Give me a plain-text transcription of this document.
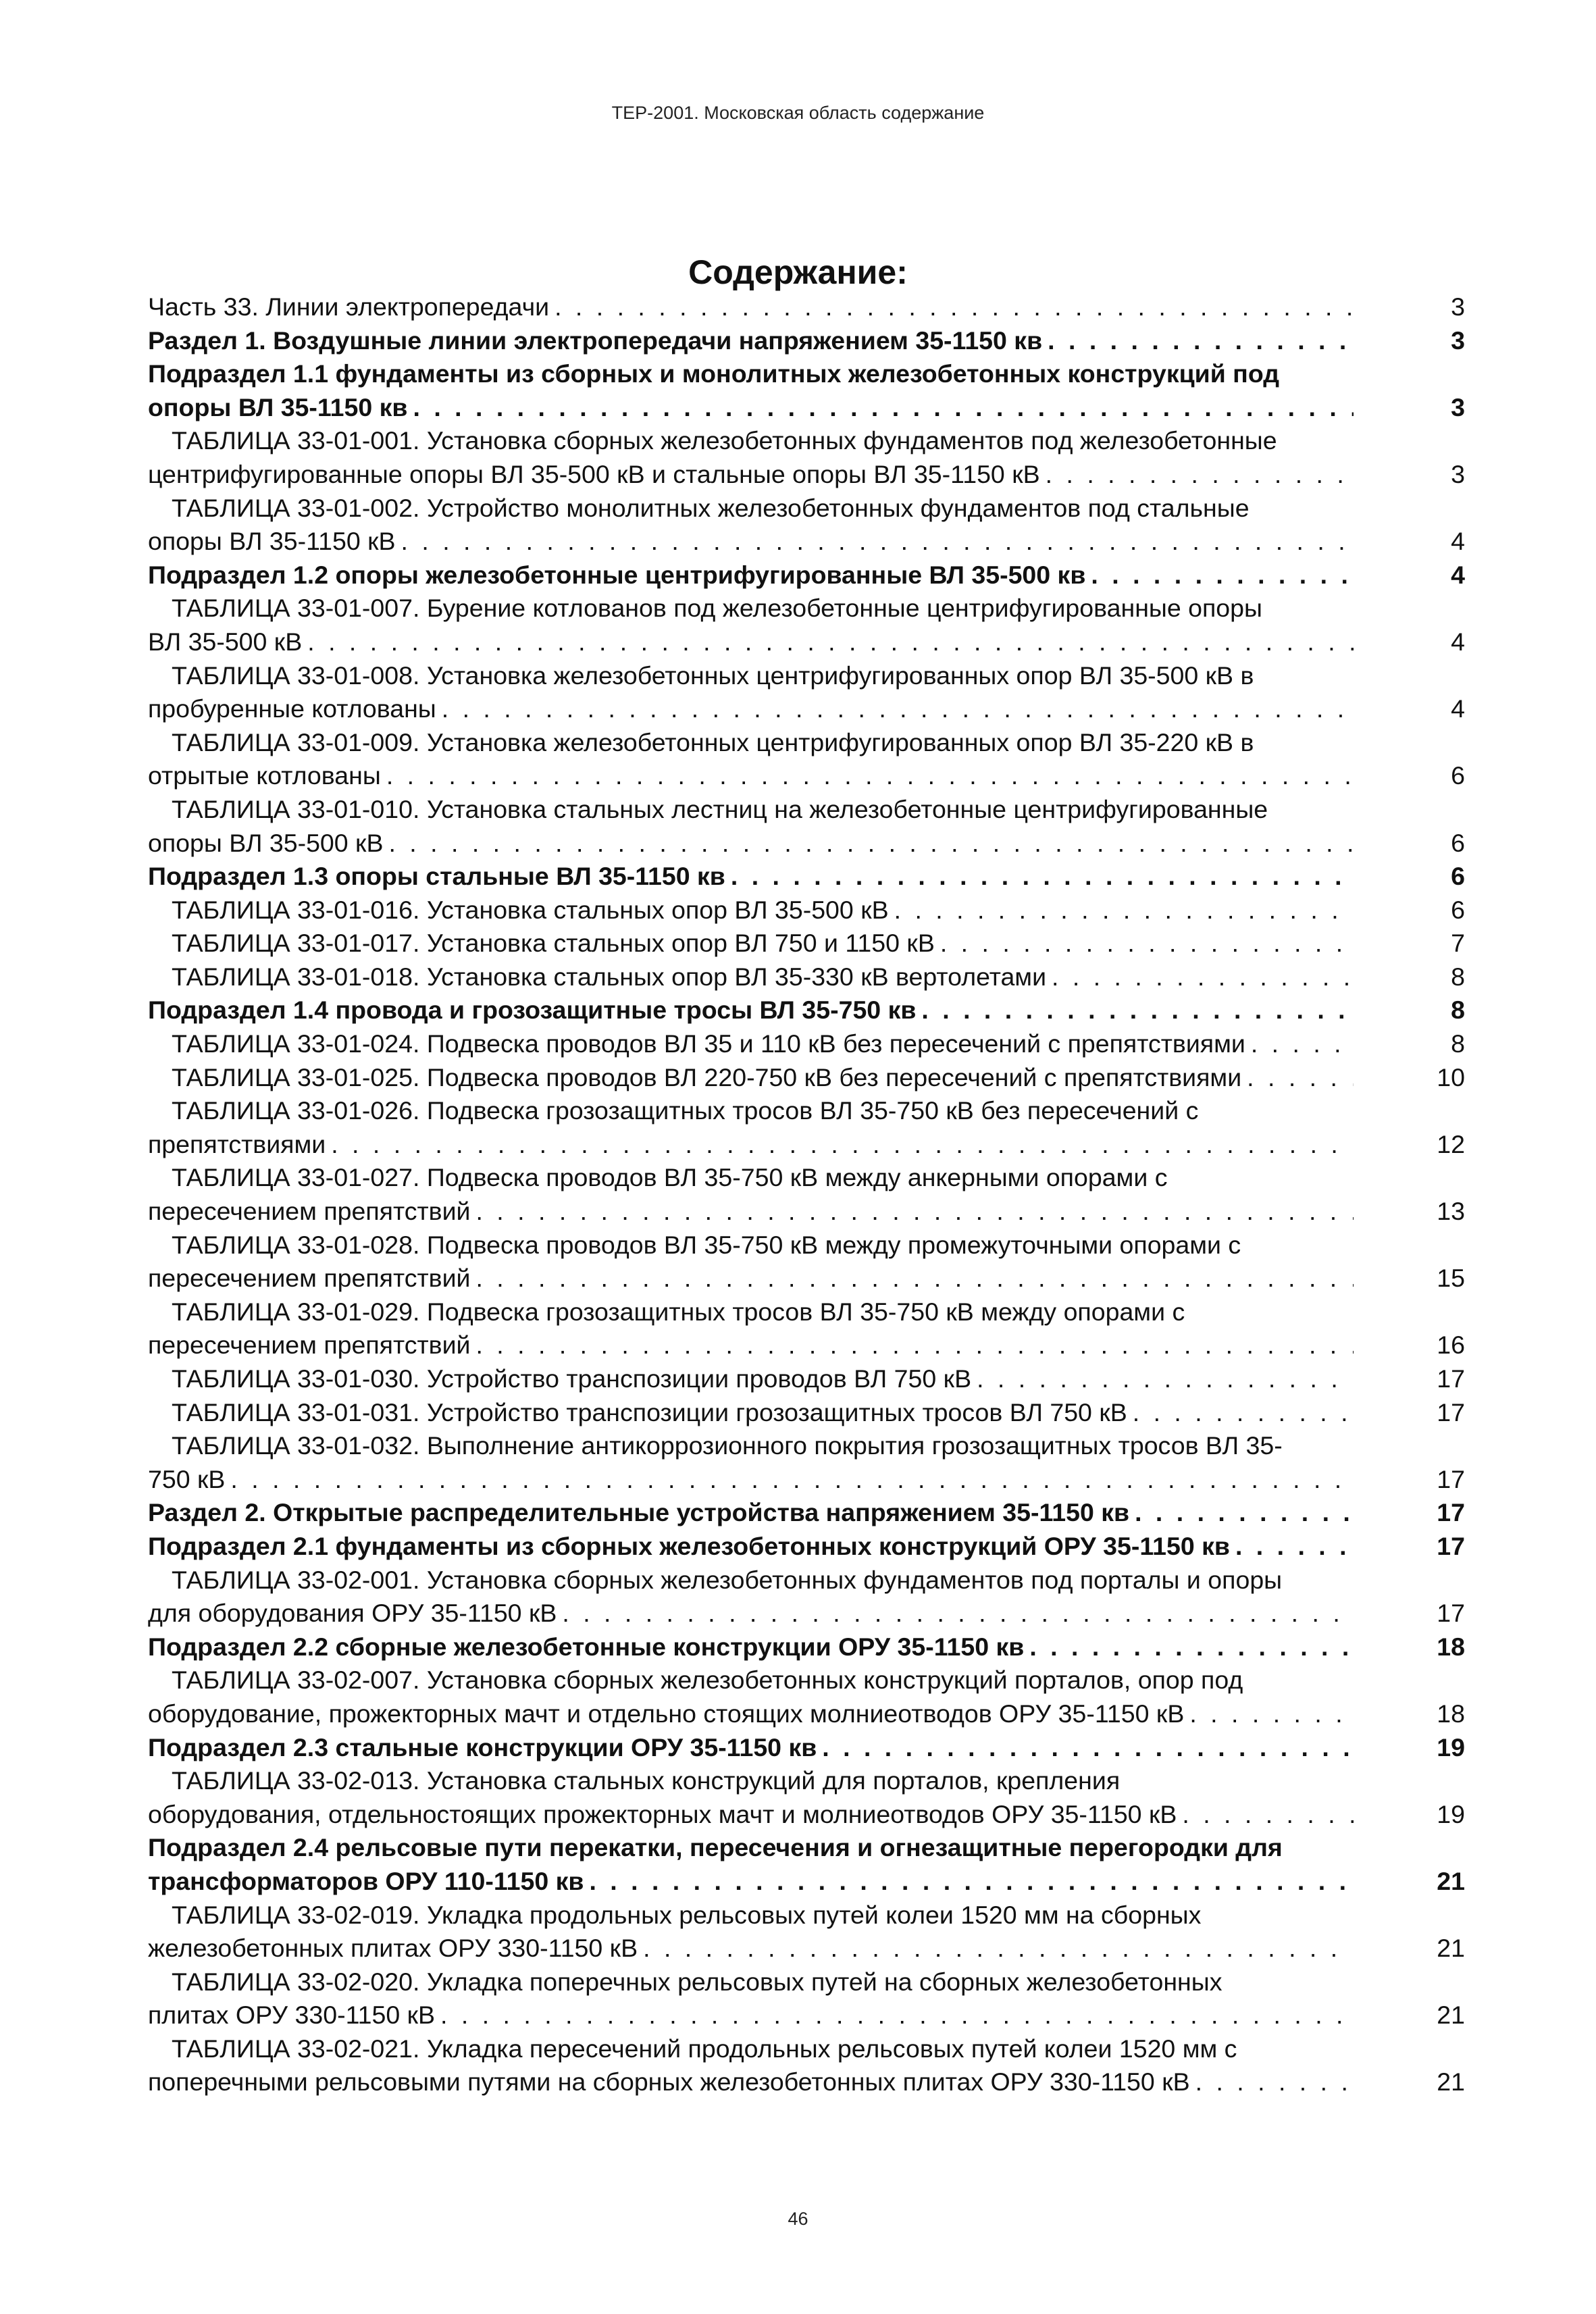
ТЕР-2001. Московская область содержание
Содержание:
Часть 33. Линии электропередачи . . .	3
Раздел 1. Воздушные линии электропередачи напряжением 35-1150 кв . . .	3
Подраздел 1.1 фундаменты из сборных и монолитных железобетонных конструкций под
опоры ВЛ 35-1150 кв . . .	3
ТАБЛИЦА 33-01-001. Установка сборных железобетонных фундаментов под железобетонные
центрифугированные опоры ВЛ 35-500 кВ и стальные опоры ВЛ 35-1150 кВ . . .	3
ТАБЛИЦА 33-01-002. Устройство монолитных железобетонных фундаментов под стальные
опоры ВЛ 35-1150 кВ . . .	4
Подраздел 1.2 опоры железобетонные центрифугированные ВЛ 35-500 кв . . .	4
ТАБЛИЦА 33-01-007. Бурение котлованов под железобетонные центрифугированные опоры
ВЛ 35-500 кВ . . .	4
ТАБЛИЦА 33-01-008. Установка железобетонных центрифугированных опор ВЛ 35-500 кВ в
пробуренные котлованы . . .	4
ТАБЛИЦА 33-01-009. Установка железобетонных центрифугированных опор ВЛ 35-220 кВ в
отрытые котлованы . . .	6
ТАБЛИЦА 33-01-010. Установка стальных лестниц на железобетонные центрифугированные
опоры ВЛ 35-500 кВ . . .	6
Подраздел 1.3 опоры стальные ВЛ 35-1150 кв . . .	6
ТАБЛИЦА 33-01-016. Установка стальных опор ВЛ 35-500 кВ . . .	6
ТАБЛИЦА 33-01-017. Установка стальных опор ВЛ 750 и 1150 кВ . . .	7
ТАБЛИЦА 33-01-018. Установка стальных опор ВЛ 35-330 кВ вертолетами . . .	8
Подраздел 1.4 провода и грозозащитные тросы ВЛ 35-750 кв . . .	8
ТАБЛИЦА 33-01-024. Подвеска проводов ВЛ 35 и 110 кВ без пересечений с препятствиями . . .	8
ТАБЛИЦА 33-01-025. Подвеска проводов ВЛ 220-750 кВ без пересечений с препятствиями . . .	10
ТАБЛИЦА 33-01-026. Подвеска грозозащитных тросов ВЛ 35-750 кВ без пересечений с
препятствиями . . .	12
ТАБЛИЦА 33-01-027. Подвеска проводов ВЛ 35-750 кВ между анкерными опорами с
пересечением препятствий . . .	13
ТАБЛИЦА 33-01-028. Подвеска проводов ВЛ 35-750 кВ между промежуточными опорами с
пересечением препятствий . . .	15
ТАБЛИЦА 33-01-029. Подвеска грозозащитных тросов ВЛ 35-750 кВ между опорами с
пересечением препятствий . . .	16
ТАБЛИЦА 33-01-030. Устройство транспозиции проводов ВЛ 750 кВ . . .	17
ТАБЛИЦА 33-01-031. Устройство транспозиции грозозащитных тросов ВЛ 750 кВ . . .	17
ТАБЛИЦА 33-01-032. Выполнение антикоррозионного покрытия грозозащитных тросов ВЛ 35-
750 кВ . . .	17
Раздел 2. Открытые распределительные устройства напряжением 35-1150 кв . . .	17
Подраздел 2.1 фундаменты из сборных железобетонных конструкций ОРУ 35-1150 кв . . .	17
ТАБЛИЦА 33-02-001. Установка сборных железобетонных фундаментов под порталы и опоры
для оборудования ОРУ 35-1150 кВ . . .	17
Подраздел 2.2 сборные железобетонные конструкции ОРУ 35-1150 кв . . .	18
ТАБЛИЦА 33-02-007. Установка сборных железобетонных конструкций порталов, опор под
оборудование, прожекторных мачт и отдельно стоящих молниеотводов ОРУ 35-1150 кВ . . .	18
Подраздел 2.3 стальные конструкции ОРУ 35-1150 кв . . .	19
ТАБЛИЦА 33-02-013. Установка стальных конструкций для порталов, крепления
оборудования, отдельностоящих прожекторных мачт и молниеотводов ОРУ 35-1150 кВ . . .	19
Подраздел 2.4 рельсовые пути перекатки, пересечения и огнезащитные перегородки для
трансформаторов ОРУ 110-1150 кв . . .	21
ТАБЛИЦА 33-02-019. Укладка продольных рельсовых путей колеи 1520 мм на сборных
железобетонных плитах ОРУ 330-1150 кВ . . .	21
ТАБЛИЦА 33-02-020. Укладка поперечных рельсовых путей на сборных железобетонных
плитах ОРУ 330-1150 кВ . . .	21
ТАБЛИЦА 33-02-021. Укладка пересечений продольных рельсовых путей колеи 1520 мм с
поперечными рельсовыми путями на сборных железобетонных плитах ОРУ 330-1150 кВ . . .	21
46
